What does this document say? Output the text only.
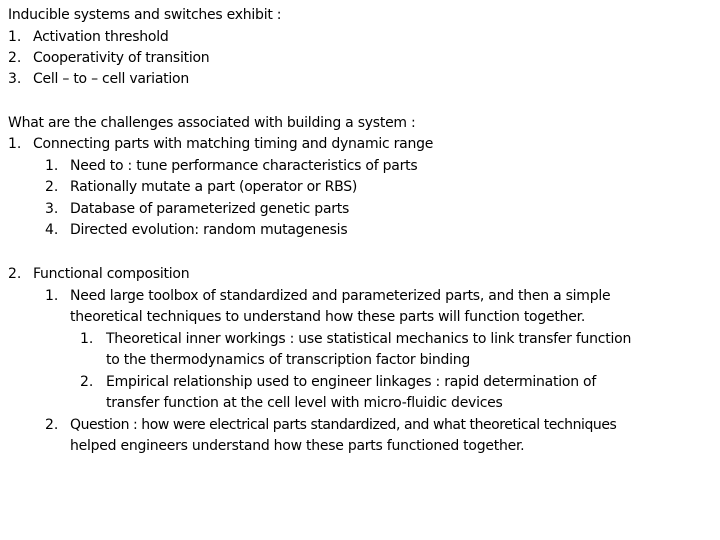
Inducible systems and switches exhibit :
1. Activation threshold
2. Cooperativity of transition
3. Cell – to – cell variation
What are the challenges associated with building a system :
1. Connecting parts with matching timing and dynamic range
1. Need to : tune performance characteristics of parts
2. Rationally mutate a part (operator or RBS)
3. Database of parameterized genetic parts
4. Directed evolution: random mutagenesis
2. Functional composition
1. Need large toolbox of standardized and parameterized parts, and then a simple
theoretical techniques to understand how these parts will function together.
1. Theoretical inner workings : use statistical mechanics to link transfer function
to the thermodynamics of transcription factor binding
2. Empirical relationship used to engineer linkages : rapid determination of
transfer function at the cell level with micro-fluidic devices
2. Question : how were electrical parts standardized, and what theoretical techniques
helped engineers understand how these parts functioned together.
